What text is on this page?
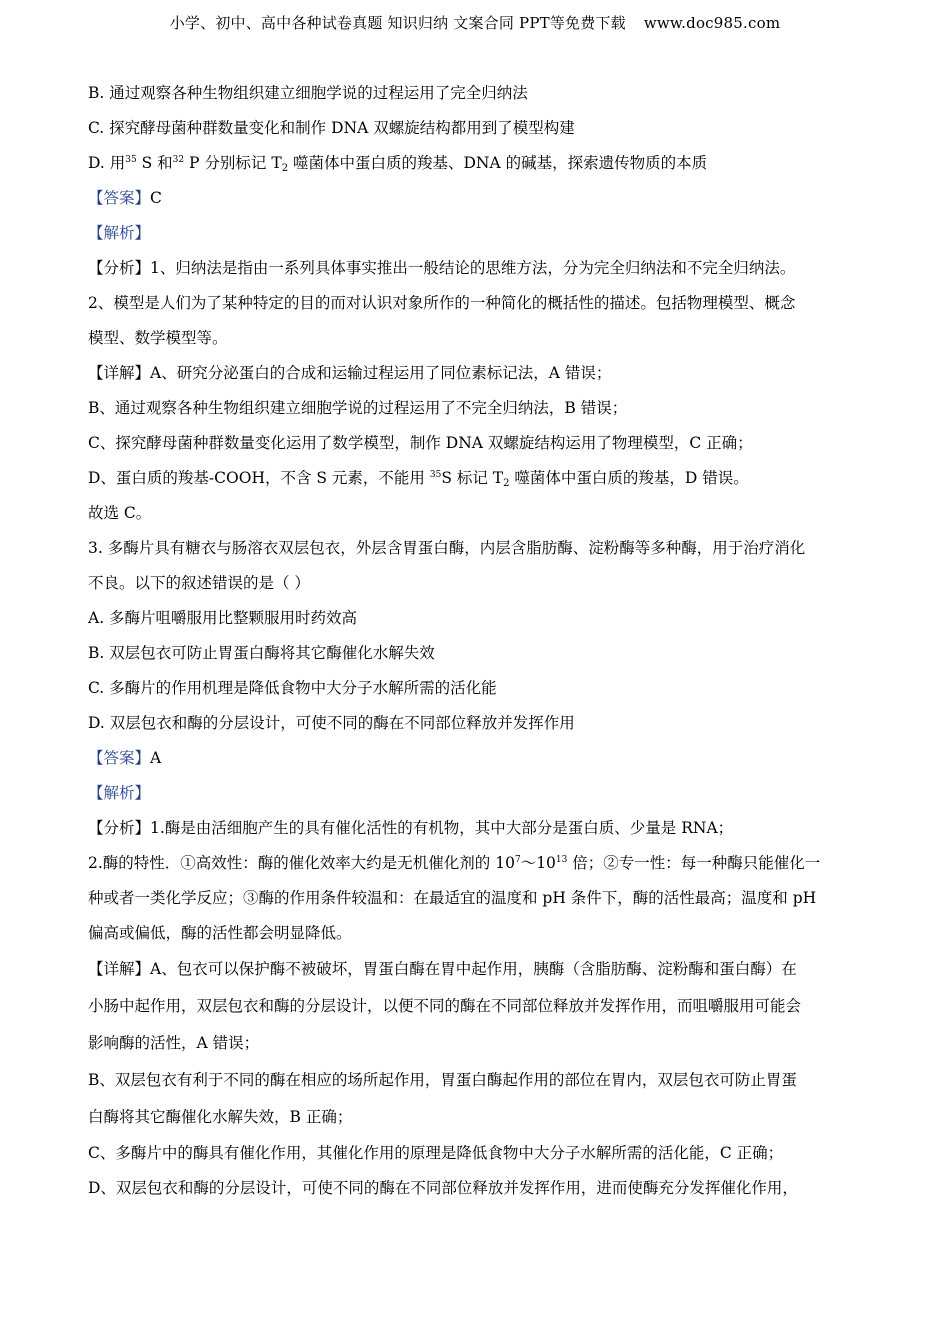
小学、初中、高中各种试卷真题 知识归纳 文案合同 PPT等免费下载 www.doc985.com
B. 通过观察各种生物组织建立细胞学说的过程运用了完全归纳法
C. 探究酵母菌种群数量变化和制作 DNA 双螺旋结构都用到了模型构建
D. 用$^{35}$ S 和$^{32}$ P 分别标记 $T_2$ 噬菌体中蛋白质的羧基、DNA 的碱基，探索遗传物质的本质
【答案】C
【解析】
【分析】1、归纳法是指由一系列具体事实推出一般结论的思维方法，分为完全归纳法和不完全归纳法。
2、模型是人们为了某种特定的目的而对认识对象所作的一种简化的概括性的描述。包括物理模型、概念
模型、数学模型等。
【详解】A、研究分泌蛋白的合成和运输过程运用了同位素标记法，A 错误；
B、通过观察各种生物组织建立细胞学说的过程运用了不完全归纳法，B 错误；
C、探究酵母菌种群数量变化运用了数学模型，制作 DNA 双螺旋结构运用了物理模型，C 正确；
D、蛋白质的羧基-COOH，不含 S 元素，不能用 $^{35}$S 标记 $T_2$ 噬菌体中蛋白质的羧基，D 错误。
故选 C。
3. 多酶片具有糖衣与肠溶衣双层包衣，外层含胃蛋白酶，内层含脂肪酶、淀粉酶等多种酶，用于治疗消化
不良。以下的叙述错误的是（ ）
A. 多酶片咀嚼服用比整颗服用时药效高
B. 双层包衣可防止胃蛋白酶将其它酶催化水解失效
C. 多酶片的作用机理是降低食物中大分子水解所需的活化能
D. 双层包衣和酶的分层设计，可使不同的酶在不同部位释放并发挥作用
【答案】A
【解析】
【分析】1.酶是由活细胞产生的具有催化活性的有机物，其中大部分是蛋白质、少量是 RNA；
2.酶的特性．①高效性：酶的催化效率大约是无机催化剂的 $10^7\sim 10^{13}$ 倍；②专一性：每一种酶只能催化一
种或者一类化学反应；③酶的作用条件较温和：在最适宜的温度和 pH 条件下，酶的活性最高；温度和 pH
偏高或偏低，酶的活性都会明显降低。
【详解】A、包衣可以保护酶不被破坏，胃蛋白酶在胃中起作用，胰酶（含脂肪酶、淀粉酶和蛋白酶）在
小肠中起作用，双层包衣和酶的分层设计，以便不同的酶在不同部位释放并发挥作用，而咀嚼服用可能会
影响酶的活性，A 错误；
B、双层包衣有利于不同的酶在相应的场所起作用，胃蛋白酶起作用的部位在胃内，双层包衣可防止胃蛋
白酶将其它酶催化水解失效，B 正确；
C、多酶片中的酶具有催化作用，其催化作用的原理是降低食物中大分子水解所需的活化能，C 正确；
D、双层包衣和酶的分层设计，可使不同的酶在不同部位释放并发挥作用，进而使酶充分发挥催化作用，
